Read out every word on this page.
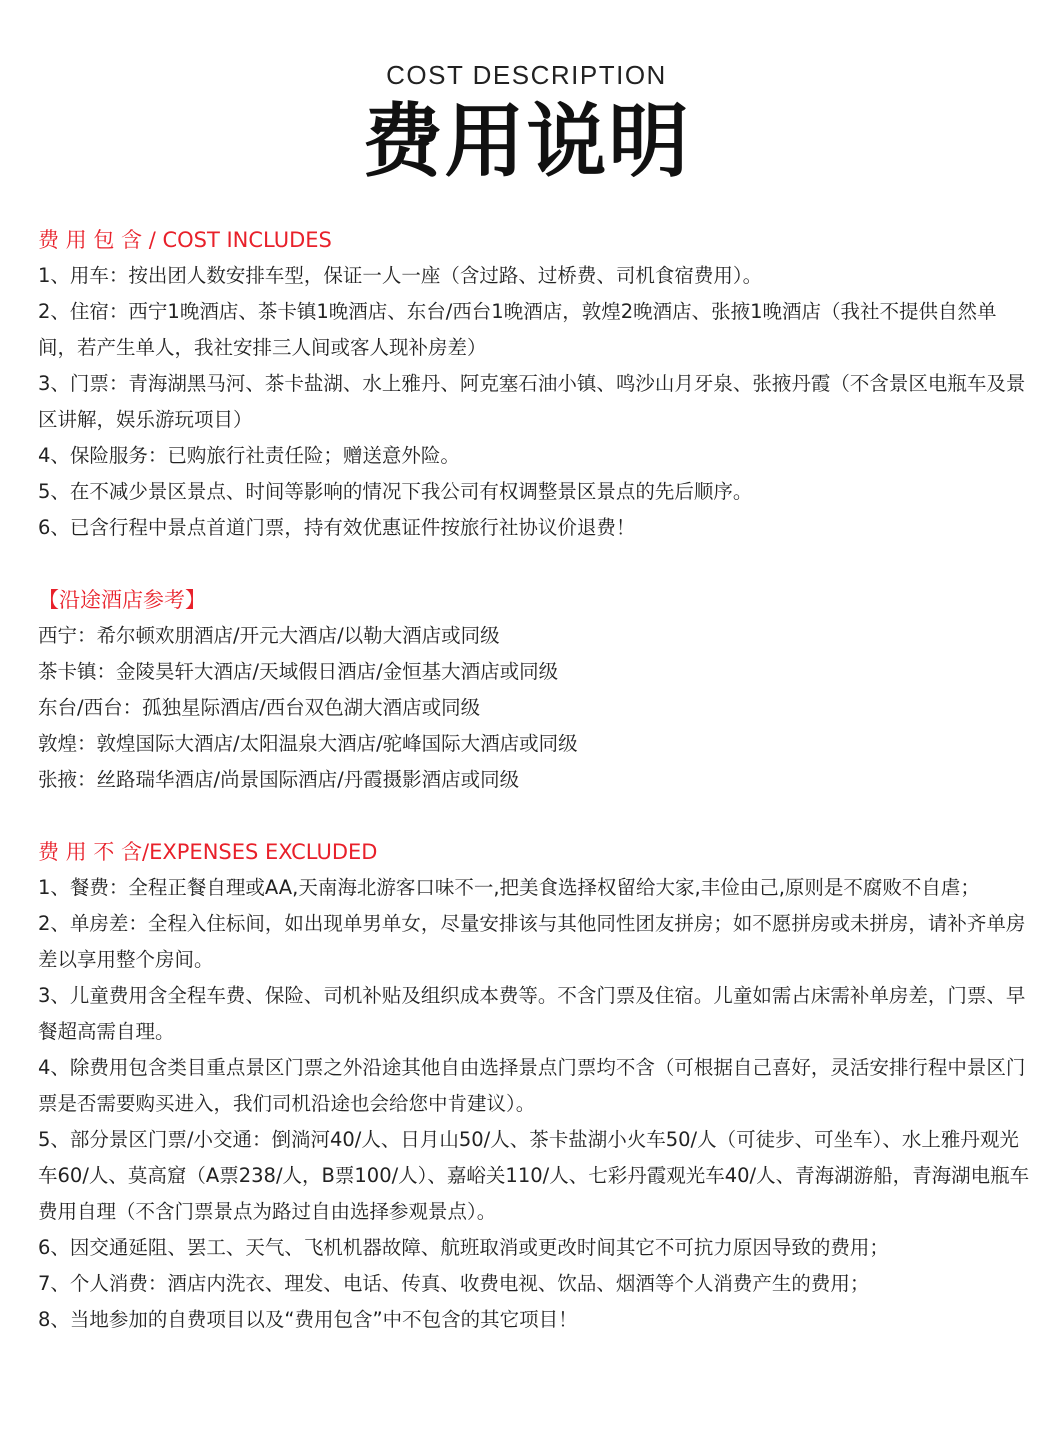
COST DESCRIPTION
费用说明
费 用 包 含 / COST INCLUDES

1、用车：按出团人数安排车型，保证一人一座（含过路、过桥费、司机食宿费用）。

2、住宿：西宁1晚酒店、茶卡镇1晚酒店、东台/西台1晚酒店，敦煌2晚酒店、张掖1晚酒店（我社不提供自然单间，若产生单人，我社安排三人间或客人现补房差）

3、门票：青海湖黑马河、茶卡盐湖、水上雅丹、阿克塞石油小镇、鸣沙山月牙泉、张掖丹霞（不含景区电瓶车及景区讲解，娱乐游玩项目）

4、保险服务：已购旅行社责任险；赠送意外险。

5、在不减少景区景点、时间等影响的情况下我公司有权调整景区景点的先后顺序。

6、已含行程中景点首道门票，持有效优惠证件按旅行社协议价退费！

【沿途酒店参考】

西宁：希尔顿欢朋酒店/开元大酒店/以勒大酒店或同级

茶卡镇：金陵昊轩大酒店/天域假日酒店/金恒基大酒店或同级

东台/西台：孤独星际酒店/西台双色湖大酒店或同级

敦煌：敦煌国际大酒店/太阳温泉大酒店/驼峰国际大酒店或同级

张掖：丝路瑞华酒店/尚景国际酒店/丹霞摄影酒店或同级

费 用 不 含/EXPENSES EXCLUDED

1、餐费：全程正餐自理或AA,天南海北游客口味不一,把美食选择权留给大家,丰俭由己,原则是不腐败不自虐；

2、单房差：全程入住标间，如出现单男单女，尽量安排该与其他同性团友拼房；如不愿拼房或未拼房，请补齐单房差以享用整个房间。

3、儿童费用含全程车费、保险、司机补贴及组织成本费等。不含门票及住宿。儿童如需占床需补单房差，门票、早餐超高需自理。

4、除费用包含类目重点景区门票之外沿途其他自由选择景点门票均不含（可根据自己喜好，灵活安排行程中景区门票是否需要购买进入，我们司机沿途也会给您中肯建议）。

5、部分景区门票/小交通：倒淌河40/人、日月山50/人、茶卡盐湖小火车50/人（可徒步、可坐车）、水上雅丹观光车60/人、莫高窟（A票238/人，B票100/人）、嘉峪关110/人、七彩丹霞观光车40/人、青海湖游船，青海湖电瓶车费用自理（不含门票景点为路过自由选择参观景点）。

6、因交通延阻、罢工、天气、飞机机器故障、航班取消或更改时间其它不可抗力原因导致的费用；

7、个人消费：酒店内洗衣、理发、电话、传真、收费电视、饮品、烟酒等个人消费产生的费用；

8、当地参加的自费项目以及“费用包含”中不包含的其它项目！
